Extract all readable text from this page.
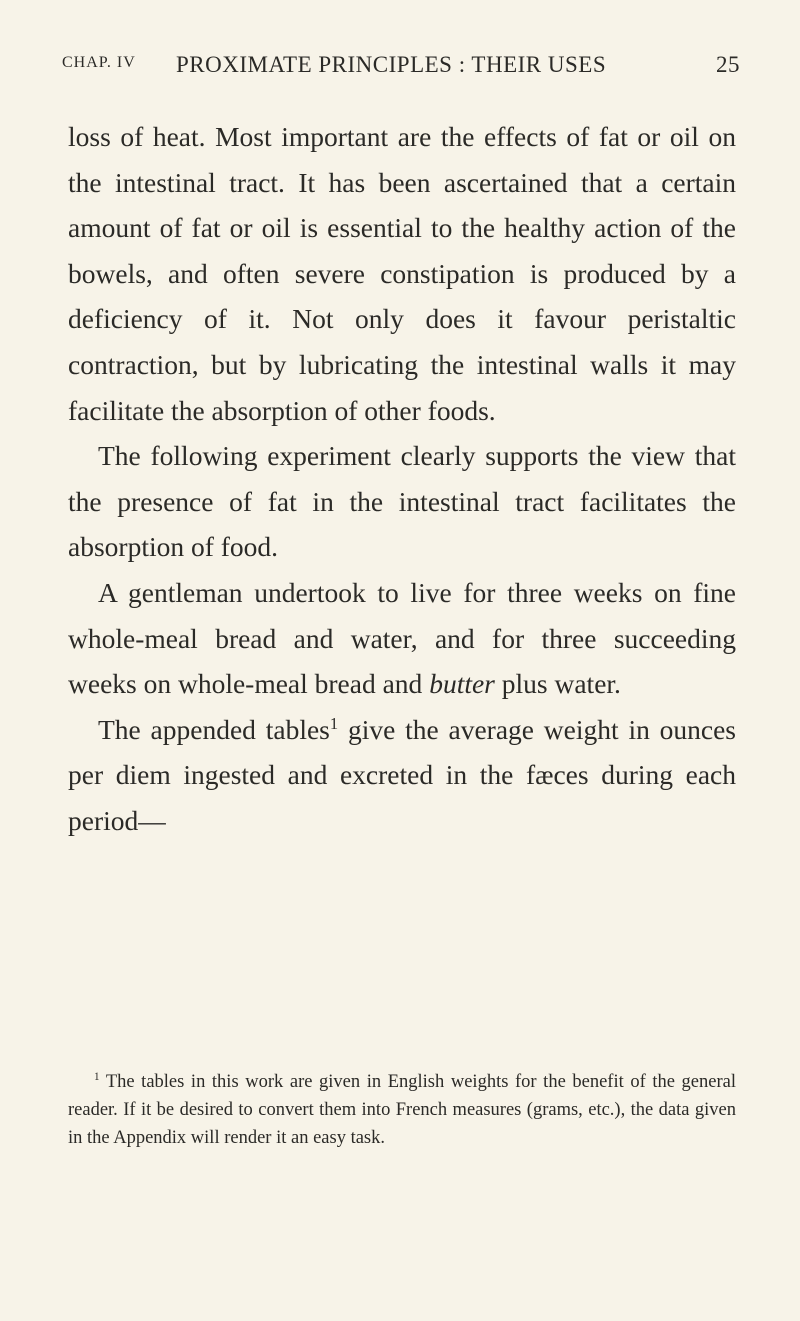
CHAP. IV PROXIMATE PRINCIPLES : THEIR USES	25

loss of heat. Most important are the effects of fat or oil on the intestinal tract. It has been ascertained that a certain amount of fat or oil is essential to the healthy action of the bowels, and often severe constipation is produced by a deficiency of it. Not only does it favour peristaltic contraction, but by lubricating the intestinal walls it may facilitate the absorption of other foods.

The following experiment clearly supports the view that the presence of fat in the intestinal tract facilitates the absorption of food.

A gentleman undertook to live for three weeks on fine whole-meal bread and water, and for three succeeding weeks on whole-meal bread and butter plus water.

The appended tables$^1$ give the average weight in ounces per diem ingested and excreted in the fæces during each period—

$^1$ The tables in this work are given in English weights for the benefit of the general reader. If it be desired to convert them into French measures (grams, etc.), the data given in the Appendix will render it an easy task.
